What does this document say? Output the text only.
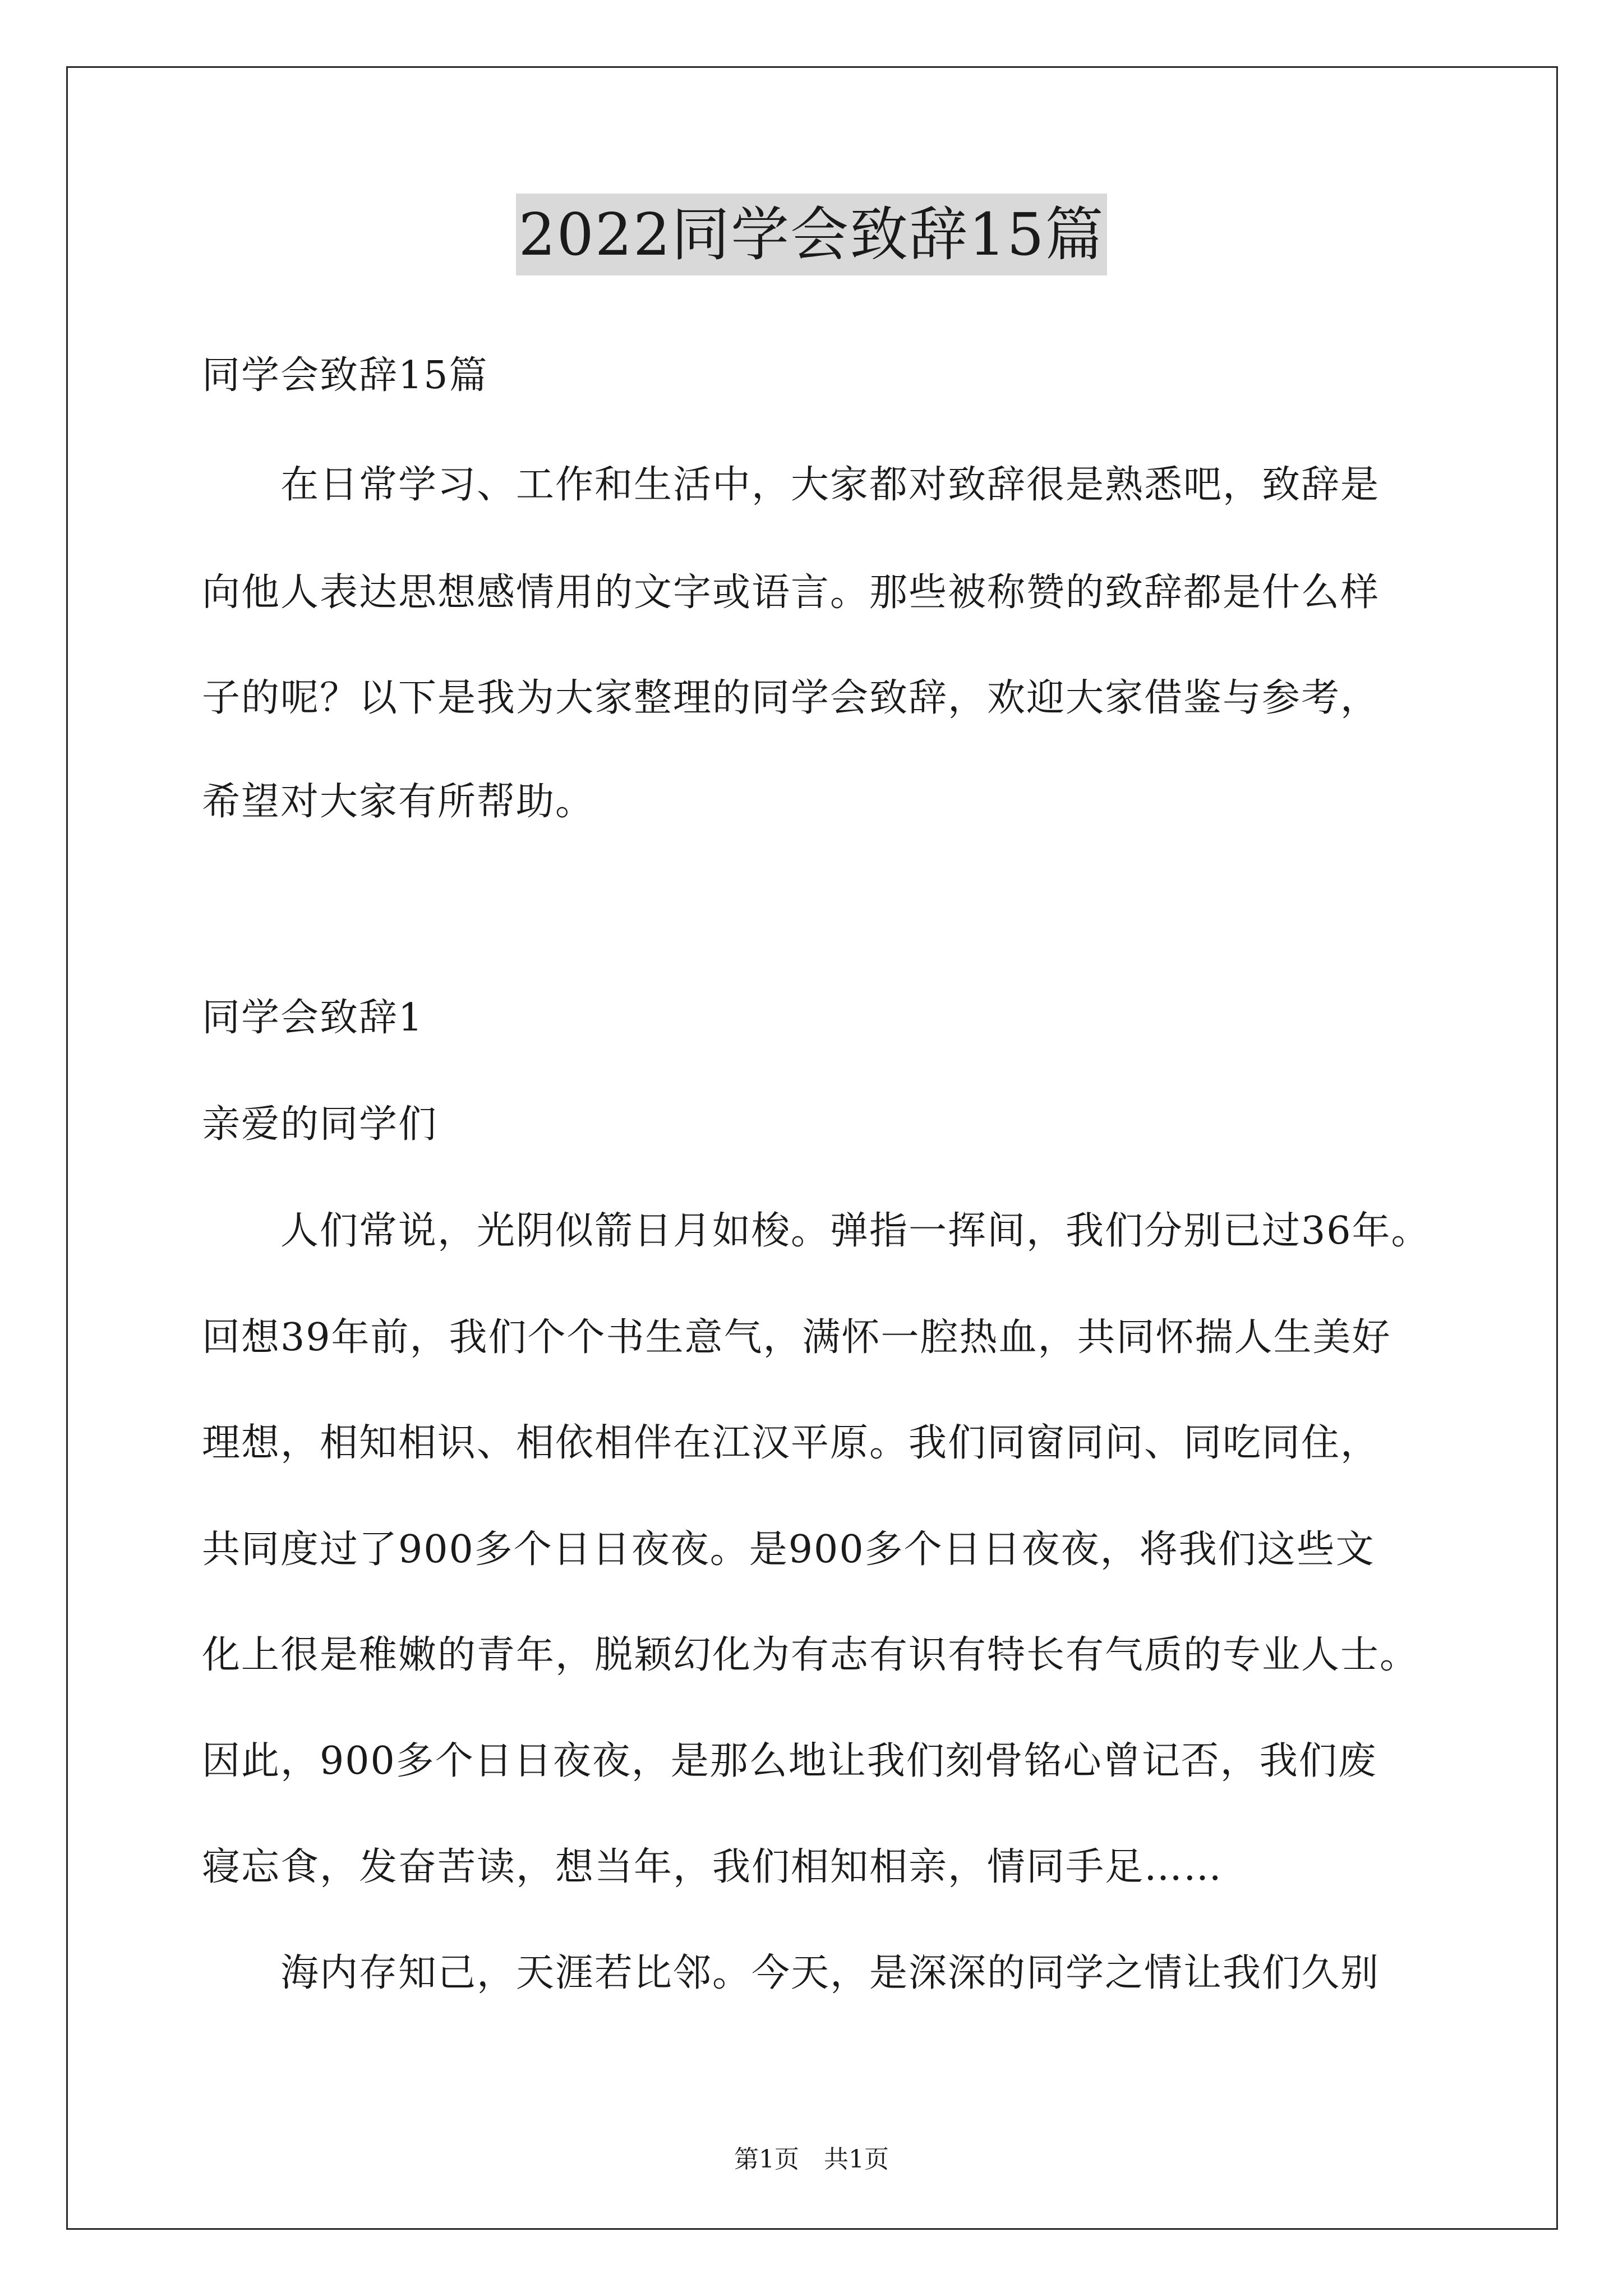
2022同学会致辞15篇
同学会致辞15篇
在日常学习、工作和生活中，大家都对致辞很是熟悉吧，致辞是
向他人表达思想感情用的文字或语言。那些被称赞的致辞都是什么样
子的呢？以下是我为大家整理的同学会致辞，欢迎大家借鉴与参考，
希望对大家有所帮助。
同学会致辞1
亲爱的同学们
人们常说，光阴似箭日月如梭。弹指一挥间，我们分别已过36年。
回想39年前，我们个个书生意气，满怀一腔热血，共同怀揣人生美好
理想，相知相识、相依相伴在江汉平原。我们同窗同问、同吃同住，
共同度过了900多个日日夜夜。是900多个日日夜夜，将我们这些文
化上很是稚嫩的青年，脱颖幻化为有志有识有特长有气质的专业人士。
因此，900多个日日夜夜，是那么地让我们刻骨铭心曾记否，我们废
寝忘食，发奋苦读，想当年，我们相知相亲，情同手足……
海内存知己，天涯若比邻。今天，是深深的同学之情让我们久别
第1页　共1页
